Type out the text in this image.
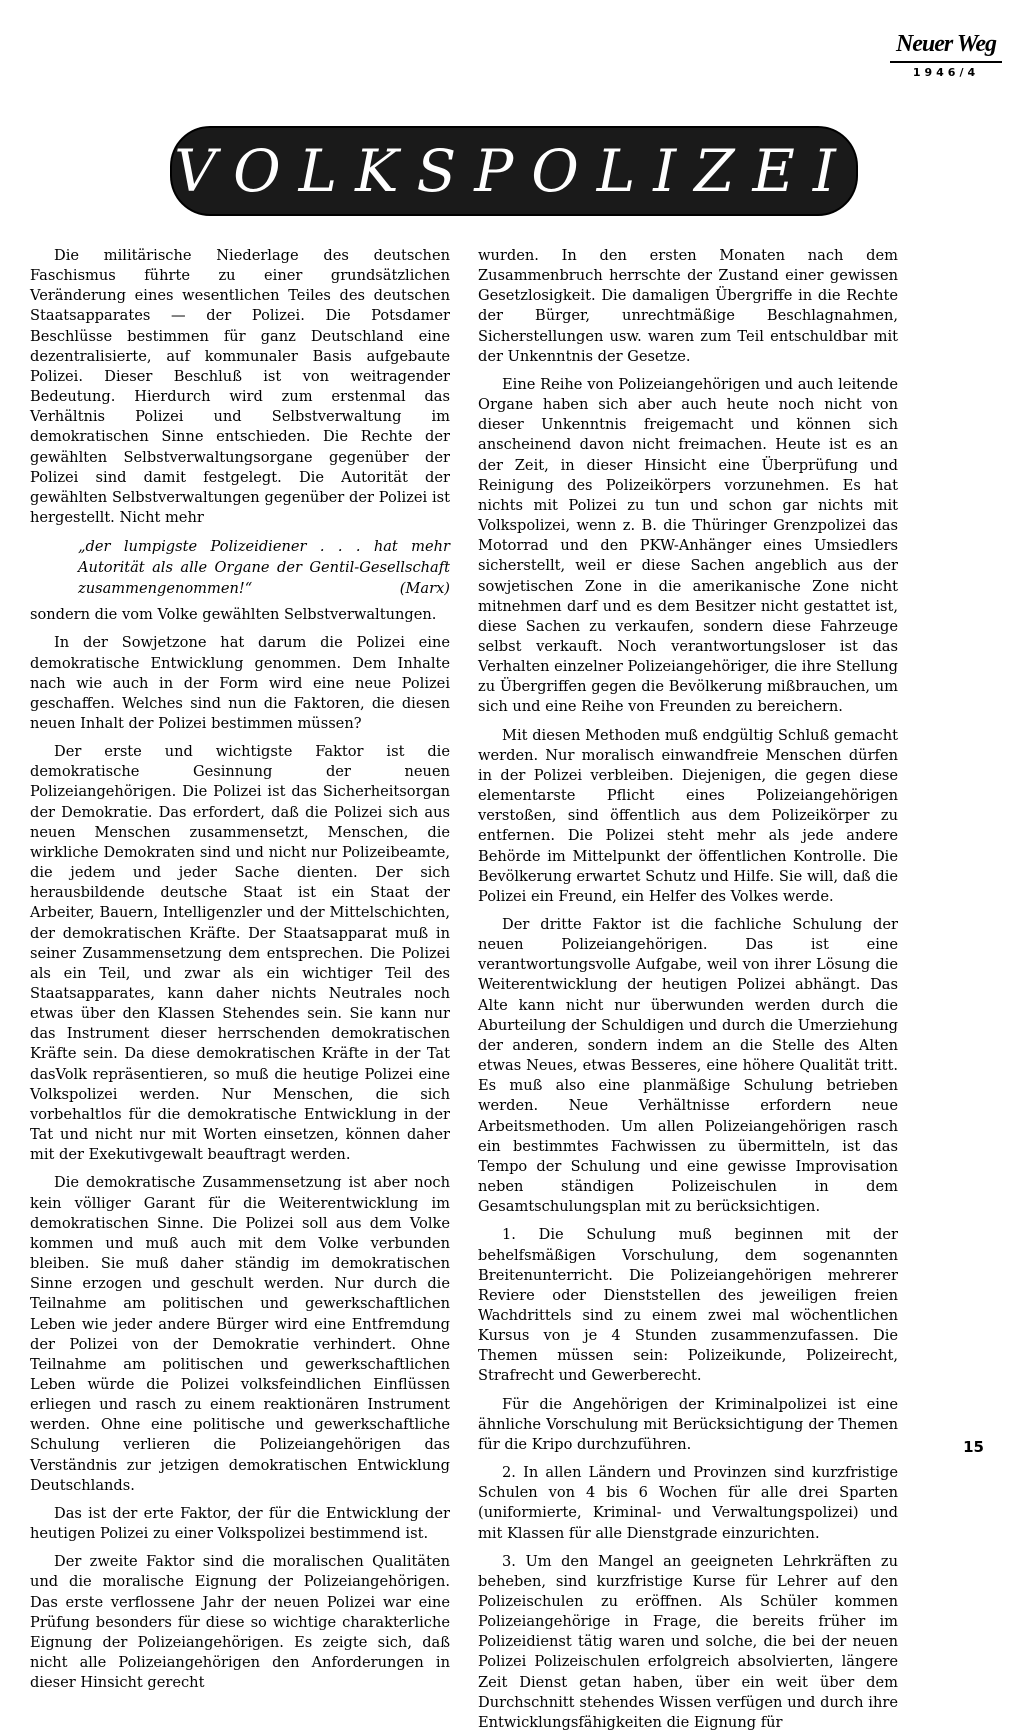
Neuer Weg
1946/4
VOLKSPOLIZEI

Die militärische Niederlage des deutschen Faschismus führte zu einer grundsätzlichen Veränderung eines wesentlichen Teiles des deutschen Staatsapparates — der Polizei. Die Potsdamer Beschlüsse bestimmen für ganz Deutschland eine dezentralisierte, auf kommunaler Basis aufgebaute Polizei. Dieser Beschluß ist von weitragender Bedeutung. Hierdurch wird zum erstenmal das Verhältnis Polizei und Selbstverwaltung im demokratischen Sinne entschieden. Die Rechte der gewählten Selbstverwaltungsorgane gegenüber der Polizei sind damit festgelegt. Die Autorität der gewählten Selbstverwaltungen gegenüber der Polizei ist hergestellt. Nicht mehr

„der lumpigste Polizeidiener . . . hat mehr Autorität als alle Organe der Gentil-Gesellschaft zusammengenommen!“	(Marx)

sondern die vom Volke gewählten Selbstverwaltungen.

In der Sowjetzone hat darum die Polizei eine demokratische Entwicklung genommen. Dem Inhalte nach wie auch in der Form wird eine neue Polizei geschaffen. Welches sind nun die Faktoren, die diesen neuen Inhalt der Polizei bestimmen müssen?

Der erste und wichtigste Faktor ist die demokratische Gesinnung der neuen Polizeiangehörigen. Die Polizei ist das Sicherheitsorgan der Demokratie. Das erfordert, daß die Polizei sich aus neuen Menschen zusammensetzt, Menschen, die wirkliche Demokraten sind und nicht nur Polizeibeamte, die jedem und jeder Sache dienten. Der sich herausbildende deutsche Staat ist ein Staat der Arbeiter, Bauern, Intelligenzler und der Mittelschichten, der demokratischen Kräfte. Der Staatsapparat muß in seiner Zusammensetzung dem entsprechen. Die Polizei als ein Teil, und zwar als ein wichtiger Teil des Staatsapparates, kann daher nichts Neutrales noch etwas über den Klassen Stehendes sein. Sie kann nur das Instrument dieser herrschenden demokratischen Kräfte sein. Da diese demokratischen Kräfte in der Tat dasVolk repräsentieren, so muß die heutige Polizei eine Volkspolizei werden. Nur Menschen, die sich vorbehaltlos für die demokratische Entwicklung in der Tat und nicht nur mit Worten einsetzen, können daher mit der Exekutivgewalt beauftragt werden.

Die demokratische Zusammensetzung ist aber noch kein völliger Garant für die Weiterentwicklung im demokratischen Sinne. Die Polizei soll aus dem Volke kommen und muß auch mit dem Volke verbunden bleiben. Sie muß daher ständig im demokratischen Sinne erzogen und geschult werden. Nur durch die Teilnahme am politischen und gewerkschaftlichen Leben wie jeder andere Bürger wird eine Entfremdung der Polizei von der Demokratie verhindert. Ohne Teilnahme am politischen und gewerkschaftlichen Leben würde die Polizei volksfeindlichen Einflüssen erliegen und rasch zu einem reaktionären Instrument werden. Ohne eine politische und gewerkschaftliche Schulung verlieren die Polizeiangehörigen das Verständnis zur jetzigen demokratischen Entwicklung Deutschlands.

Das ist der erte Faktor, der für die Entwicklung der heutigen Polizei zu einer Volkspolizei bestimmend ist.

Der zweite Faktor sind die moralischen Qualitäten und die moralische Eignung der Polizeiangehörigen. Das erste verflossene Jahr der neuen Polizei war eine Prüfung besonders für diese so wichtige charakterliche Eignung der Polizeiangehörigen. Es zeigte sich, daß nicht alle Polizeiangehörigen den Anforderungen in dieser Hinsicht gerecht

wurden. In den ersten Monaten nach dem Zusammenbruch herrschte der Zustand einer gewissen Gesetzlosigkeit. Die damaligen Übergriffe in die Rechte der Bürger, unrechtmäßige Beschlagnahmen, Sicherstellungen usw. waren zum Teil entschuldbar mit der Unkenntnis der Gesetze.

Eine Reihe von Polizeiangehörigen und auch leitende Organe haben sich aber auch heute noch nicht von dieser Unkenntnis freigemacht und können sich anscheinend davon nicht freimachen. Heute ist es an der Zeit, in dieser Hinsicht eine Überprüfung und Reinigung des Polizeikörpers vorzunehmen. Es hat nichts mit Polizei zu tun und schon gar nichts mit Volkspolizei, wenn z. B. die Thüringer Grenzpolizei das Motorrad und den PKW-Anhänger eines Umsiedlers sicherstellt, weil er diese Sachen angeblich aus der sowjetischen Zone in die amerikanische Zone nicht mitnehmen darf und es dem Besitzer nicht gestattet ist, diese Sachen zu verkaufen, sondern diese Fahrzeuge selbst verkauft. Noch verantwortungsloser ist das Verhalten einzelner Polizeiangehöriger, die ihre Stellung zu Übergriffen gegen die Bevölkerung mißbrauchen, um sich und eine Reihe von Freunden zu bereichern.

Mit diesen Methoden muß endgültig Schluß gemacht werden. Nur moralisch einwandfreie Menschen dürfen in der Polizei verbleiben. Diejenigen, die gegen diese elementarste Pflicht eines Polizeiangehörigen verstoßen, sind öffentlich aus dem Polizeikörper zu entfernen. Die Polizei steht mehr als jede andere Behörde im Mittelpunkt der öffentlichen Kontrolle. Die Bevölkerung erwartet Schutz und Hilfe. Sie will, daß die Polizei ein Freund, ein Helfer des Volkes werde.

Der dritte Faktor ist die fachliche Schulung der neuen Polizeiangehörigen. Das ist eine verantwortungsvolle Aufgabe, weil von ihrer Lösung die Weiterentwicklung der heutigen Polizei abhängt. Das Alte kann nicht nur überwunden werden durch die Aburteilung der Schuldigen und durch die Umerziehung der anderen, sondern indem an die Stelle des Alten etwas Neues, etwas Besseres, eine höhere Qualität tritt. Es muß also eine planmäßige Schulung betrieben werden. Neue Verhältnisse erfordern neue Arbeitsmethoden. Um allen Polizeiangehörigen rasch ein bestimmtes Fachwissen zu übermitteln, ist das Tempo der Schulung und eine gewisse Improvisation neben ständigen Polizeischulen in dem Gesamtschulungsplan mit zu berücksichtigen.

1. Die Schulung muß beginnen mit der behelfsmäßigen Vorschulung, dem sogenannten Breitenunterricht. Die Polizeiangehörigen mehrerer Reviere oder Dienststellen des jeweiligen freien Wachdrittels sind zu einem zwei mal wöchentlichen Kursus von je 4 Stunden zusammenzufassen. Die Themen müssen sein: Polizeikunde, Polizeirecht, Strafrecht und Gewerberecht.

Für die Angehörigen der Kriminalpolizei ist eine ähnliche Vorschulung mit Berücksichtigung der Themen für die Kripo durchzuführen.

2. In allen Ländern und Provinzen sind kurzfristige Schulen von 4 bis 6 Wochen für alle drei Sparten (uniformierte, Kriminal- und Verwaltungspolizei) und mit Klassen für alle Dienstgrade einzurichten.

3. Um den Mangel an geeigneten Lehrkräften zu beheben, sind kurzfristige Kurse für Lehrer auf den Polizeischulen zu eröffnen. Als Schüler kommen Polizeiangehörige in Frage, die bereits früher im Polizeidienst tätig waren und solche, die bei der neuen Polizei Polizeischulen erfolgreich absolvierten, längere Zeit Dienst getan haben, über ein weit über dem Durchschnitt stehendes Wissen verfügen und durch ihre Entwicklungsfähigkeiten die Eignung für

15
